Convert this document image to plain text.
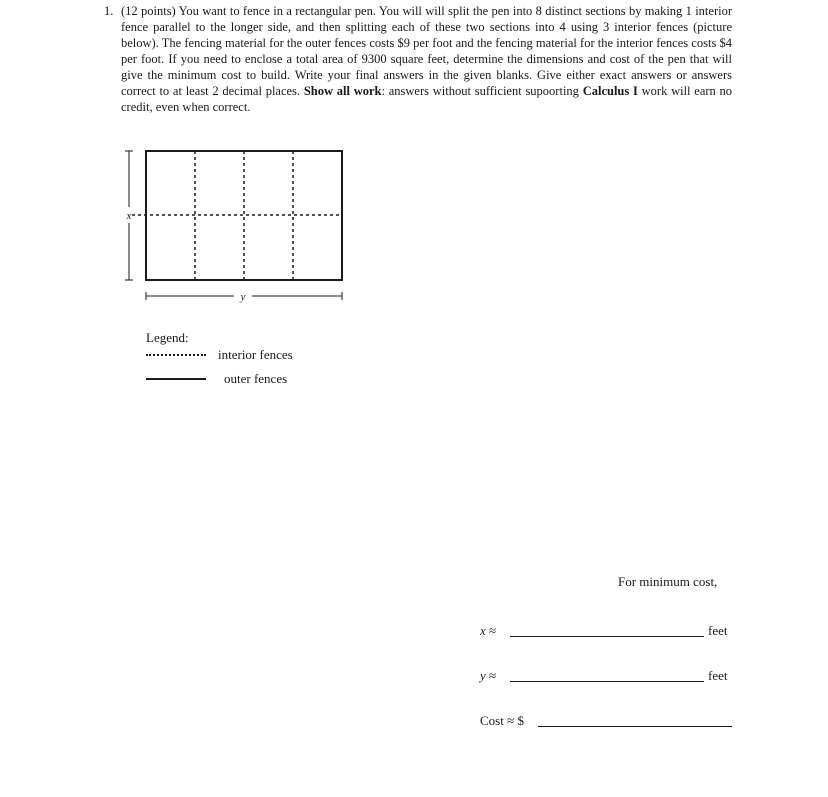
1. (12 points) You want to fence in a rectangular pen. You will will split the pen into 8 distinct sections by making 1 interior fence parallel to the longer side, and then splitting each of these two sections into 4 using 3 interior fences (picture below). The fencing material for the outer fences costs $9 per foot and the fencing material for the interior fences costs $4 per foot. If you need to enclose a total area of 9300 square feet, determine the dimensions and cost of the pen that will give the minimum cost to build. Write your final answers in the given blanks. Give either exact answers or answers correct to at least 2 decimal places. Show all work: answers without sufficient supoorting Calculus I work will earn no credit, even when correct.
x
y
Legend:
interior fences
outer fences
For minimum cost,
x ≈	feet
y ≈	feet
Cost ≈ $
